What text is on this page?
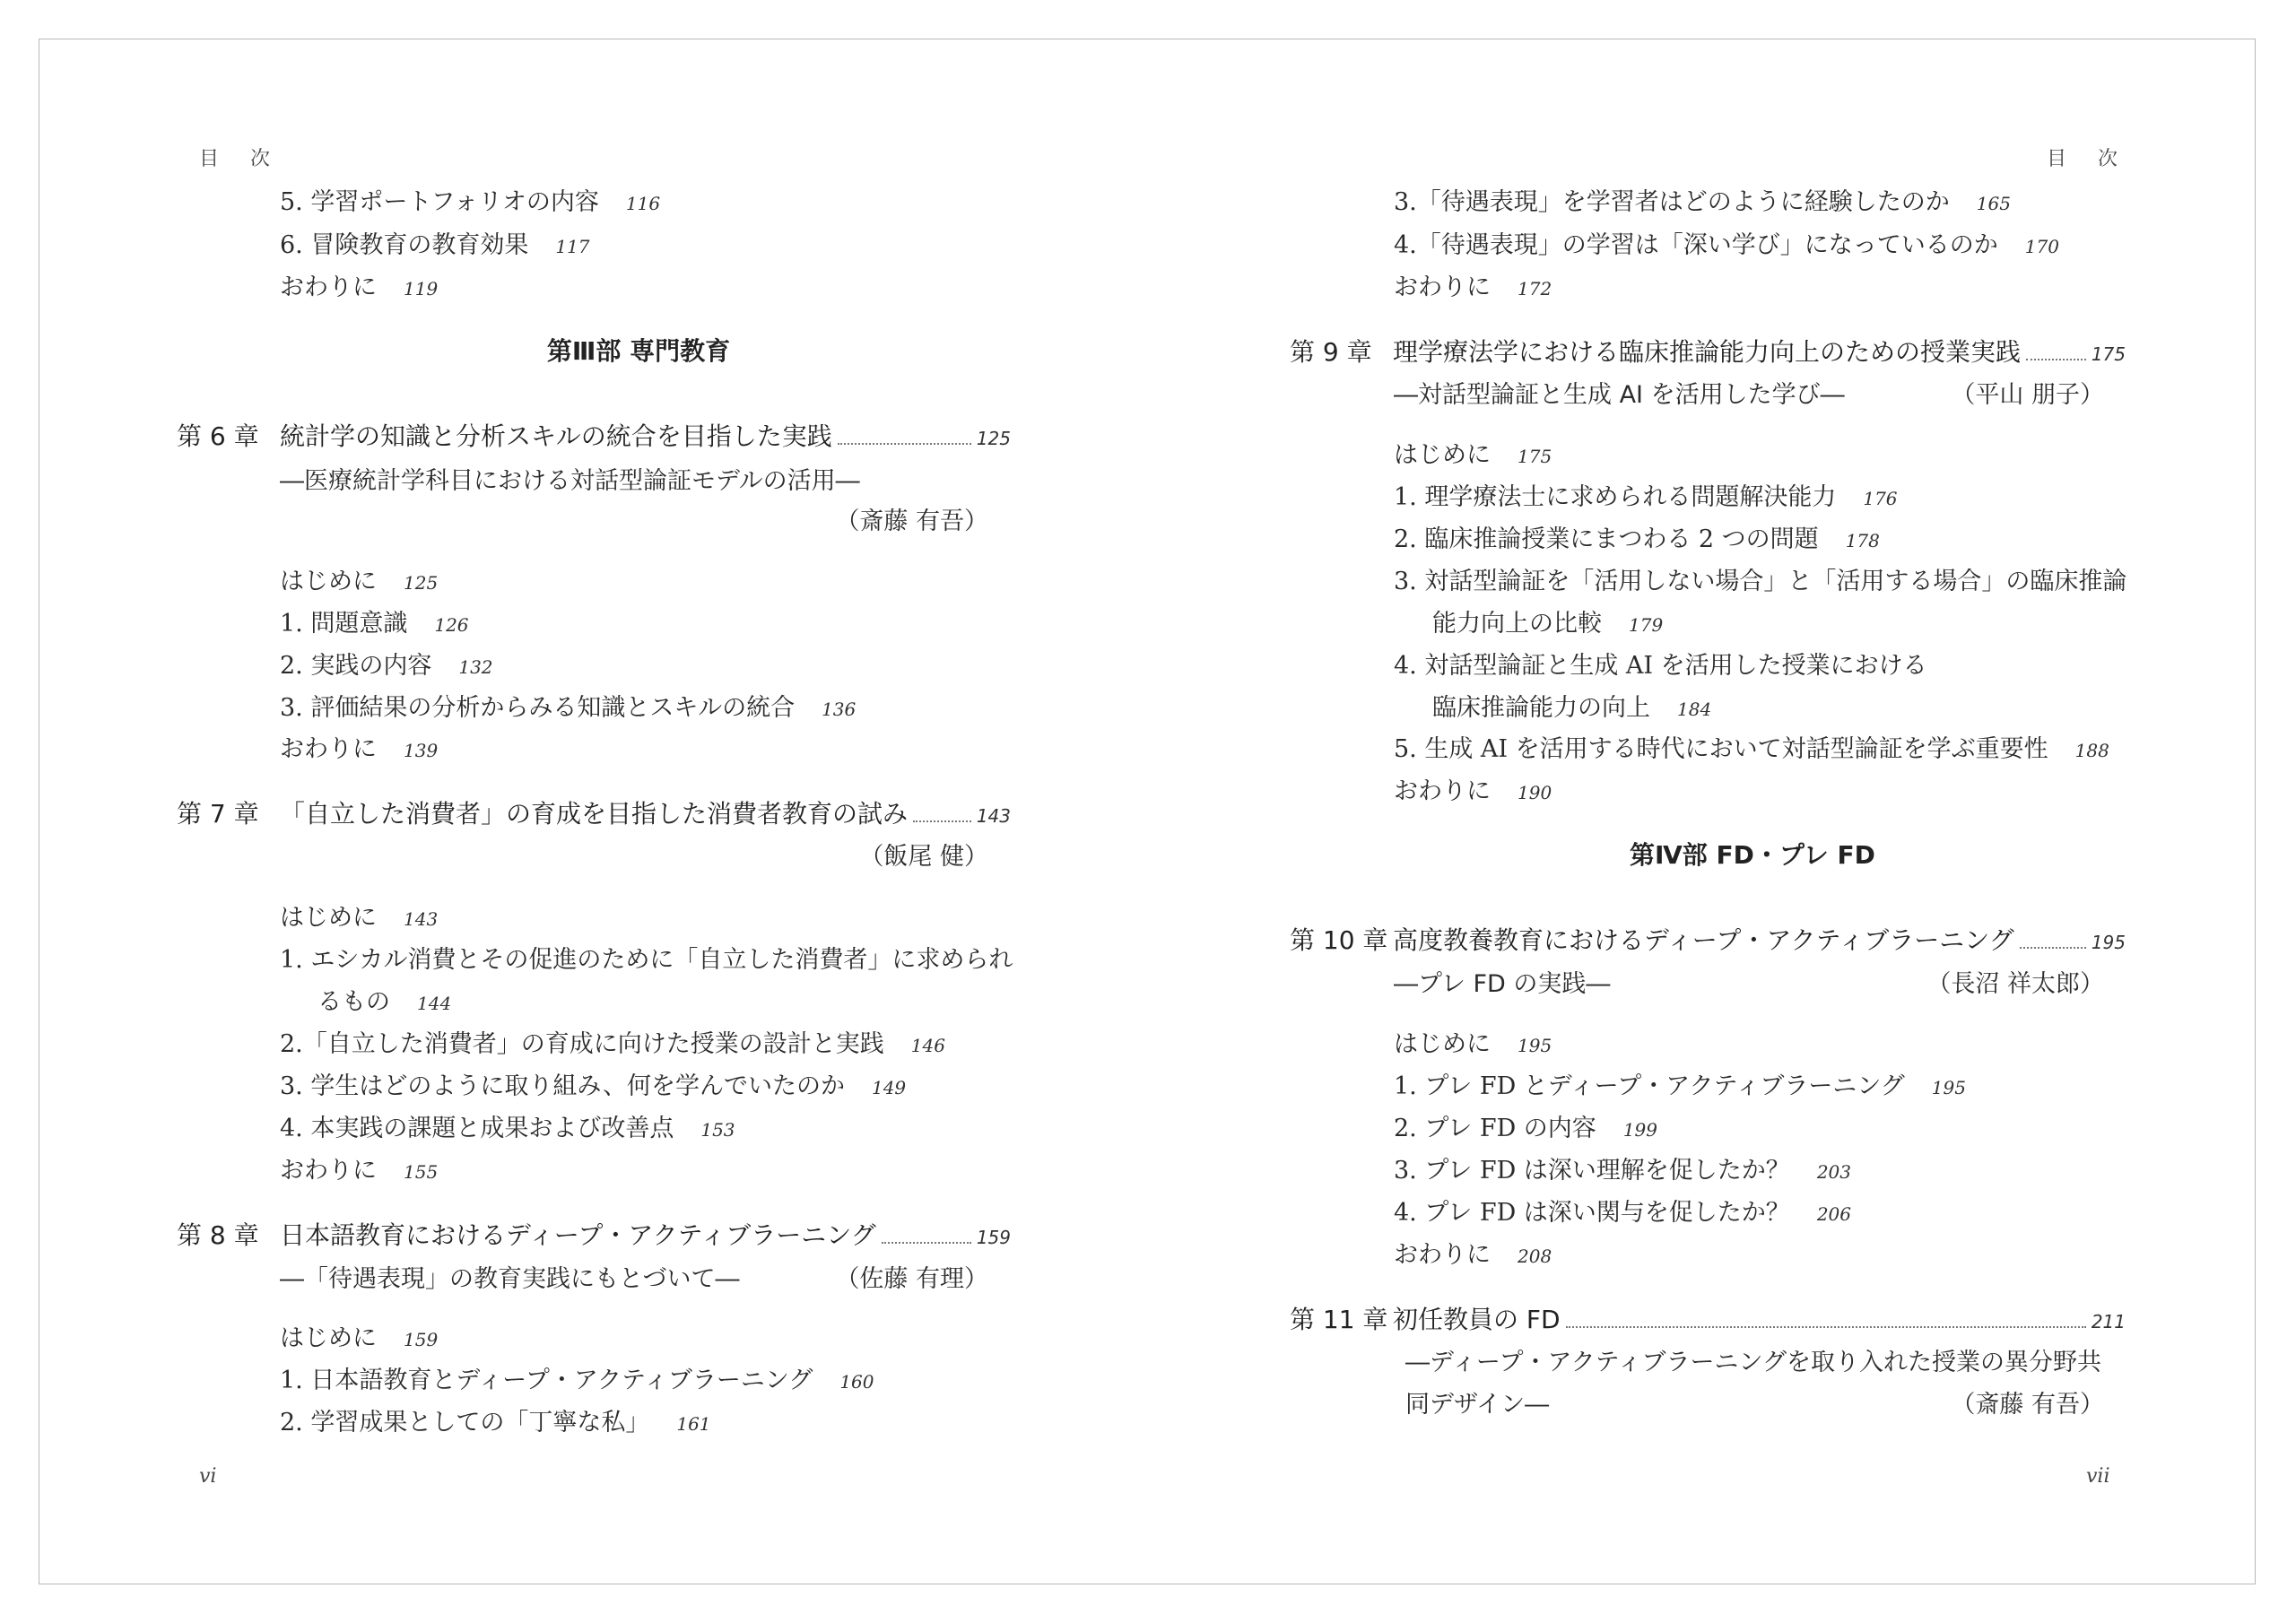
目 次	目 次
vi	vii
5. 学習ポートフォリオの内容 116
6. 冒険教育の教育効果 117
おわりに 119
第Ⅲ部 専門教育
第 6 章 統計学の知識と分析スキルの統合を目指した実践	125
―医療統計学科目における対話型論証モデルの活用―
（斎藤 有吾）
はじめに 125
1. 問題意識 126
2. 実践の内容 132
3. 評価結果の分析からみる知識とスキルの統合 136
おわりに 139
第 7 章 「自立した消費者」の育成を目指した消費者教育の試み	143
（飯尾 健）
はじめに 143
1. エシカル消費とその促進のために「自立した消費者」に求められ
るもの 144
2.「自立した消費者」の育成に向けた授業の設計と実践 146
3. 学生はどのように取り組み、何を学んでいたのか 149
4. 本実践の課題と成果および改善点 153
おわりに 155
第 8 章 日本語教育におけるディープ・アクティブラーニング	159
―「待遇表現」の教育実践にもとづいて―	（佐藤 有理）
はじめに 159
1. 日本語教育とディープ・アクティブラーニング 160
2. 学習成果としての「丁寧な私」 161
3.「待遇表現」を学習者はどのように経験したのか 165
4.「待遇表現」の学習は「深い学び」になっているのか 170
おわりに 172
第 9 章 理学療法学における臨床推論能力向上のための授業実践	175
―対話型論証と生成 AI を活用した学び―	（平山 朋子）
はじめに 175
1. 理学療法士に求められる問題解決能力 176
2. 臨床推論授業にまつわる 2 つの問題 178
3. 対話型論証を「活用しない場合」と「活用する場合」の臨床推論
能力向上の比較 179
4. 対話型論証と生成 AI を活用した授業における
臨床推論能力の向上 184
5. 生成 AI を活用する時代において対話型論証を学ぶ重要性 188
おわりに 190
第Ⅳ部 FD・プレ FD
第 10 章 高度教養教育におけるディープ・アクティブラーニング	195
―プレ FD の実践―	（長沼 祥太郎）
はじめに 195
1. プレ FD とディープ・アクティブラーニング 195
2. プレ FD の内容 199
3. プレ FD は深い理解を促したか？ 203
4. プレ FD は深い関与を促したか？ 206
おわりに 208
第 11 章 初任教員の FD	211
―ディープ・アクティブラーニングを取り入れた授業の異分野共
同デザイン―	（斎藤 有吾）
